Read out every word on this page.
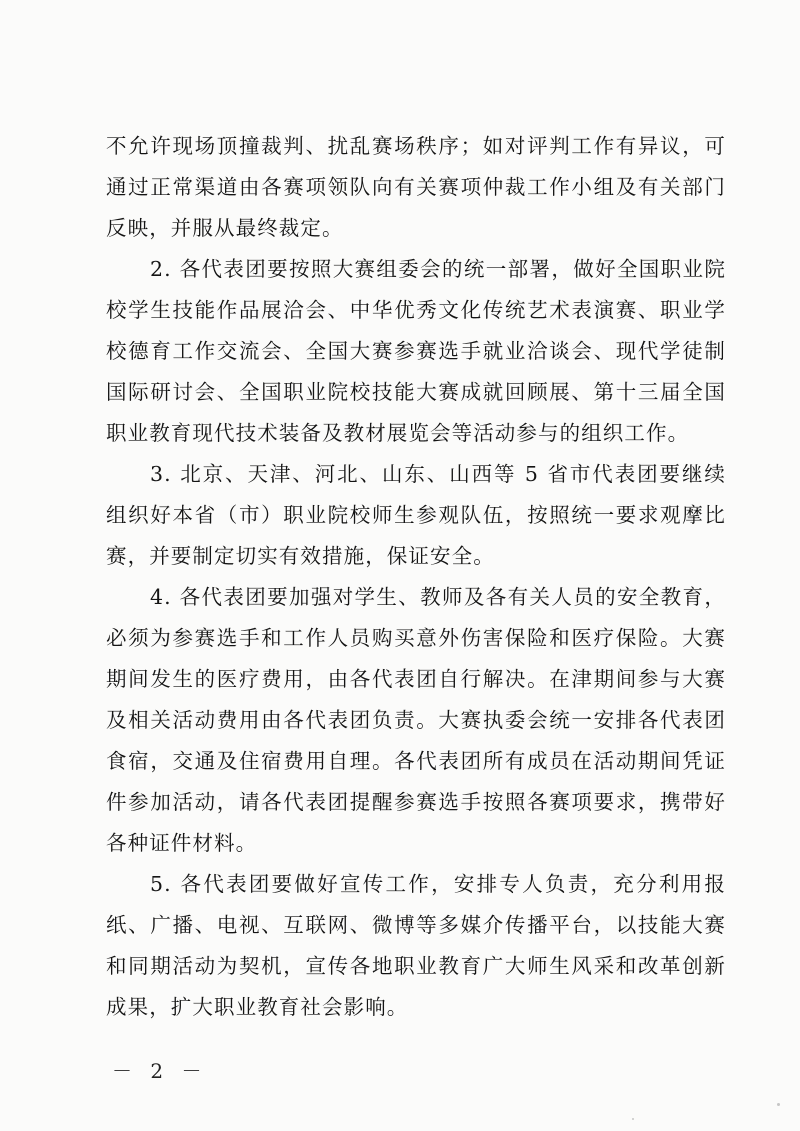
不允许现场顶撞裁判、扰乱赛场秩序；如对评判工作有异议，可通过正常渠道由各赛项领队向有关赛项仲裁工作小组及有关部门反映，并服从最终裁定。

2. 各代表团要按照大赛组委会的统一部署，做好全国职业院校学生技能作品展洽会、中华优秀文化传统艺术表演赛、职业学校德育工作交流会、全国大赛参赛选手就业洽谈会、现代学徒制国际研讨会、全国职业院校技能大赛成就回顾展、第十三届全国职业教育现代技术装备及教材展览会等活动参与的组织工作。

3. 北京、天津、河北、山东、山西等 5 省市代表团要继续组织好本省（市）职业院校师生参观队伍，按照统一要求观摩比赛，并要制定切实有效措施，保证安全。

4. 各代表团要加强对学生、教师及各有关人员的安全教育，必须为参赛选手和工作人员购买意外伤害保险和医疗保险。大赛期间发生的医疗费用，由各代表团自行解决。在津期间参与大赛及相关活动费用由各代表团负责。大赛执委会统一安排各代表团食宿，交通及住宿费用自理。各代表团所有成员在活动期间凭证件参加活动，请各代表团提醒参赛选手按照各赛项要求，携带好各种证件材料。

5. 各代表团要做好宣传工作，安排专人负责，充分利用报纸、广播、电视、互联网、微博等多媒介传播平台，以技能大赛和同期活动为契机，宣传各地职业教育广大师生风采和改革创新成果，扩大职业教育社会影响。

－ 2 －
